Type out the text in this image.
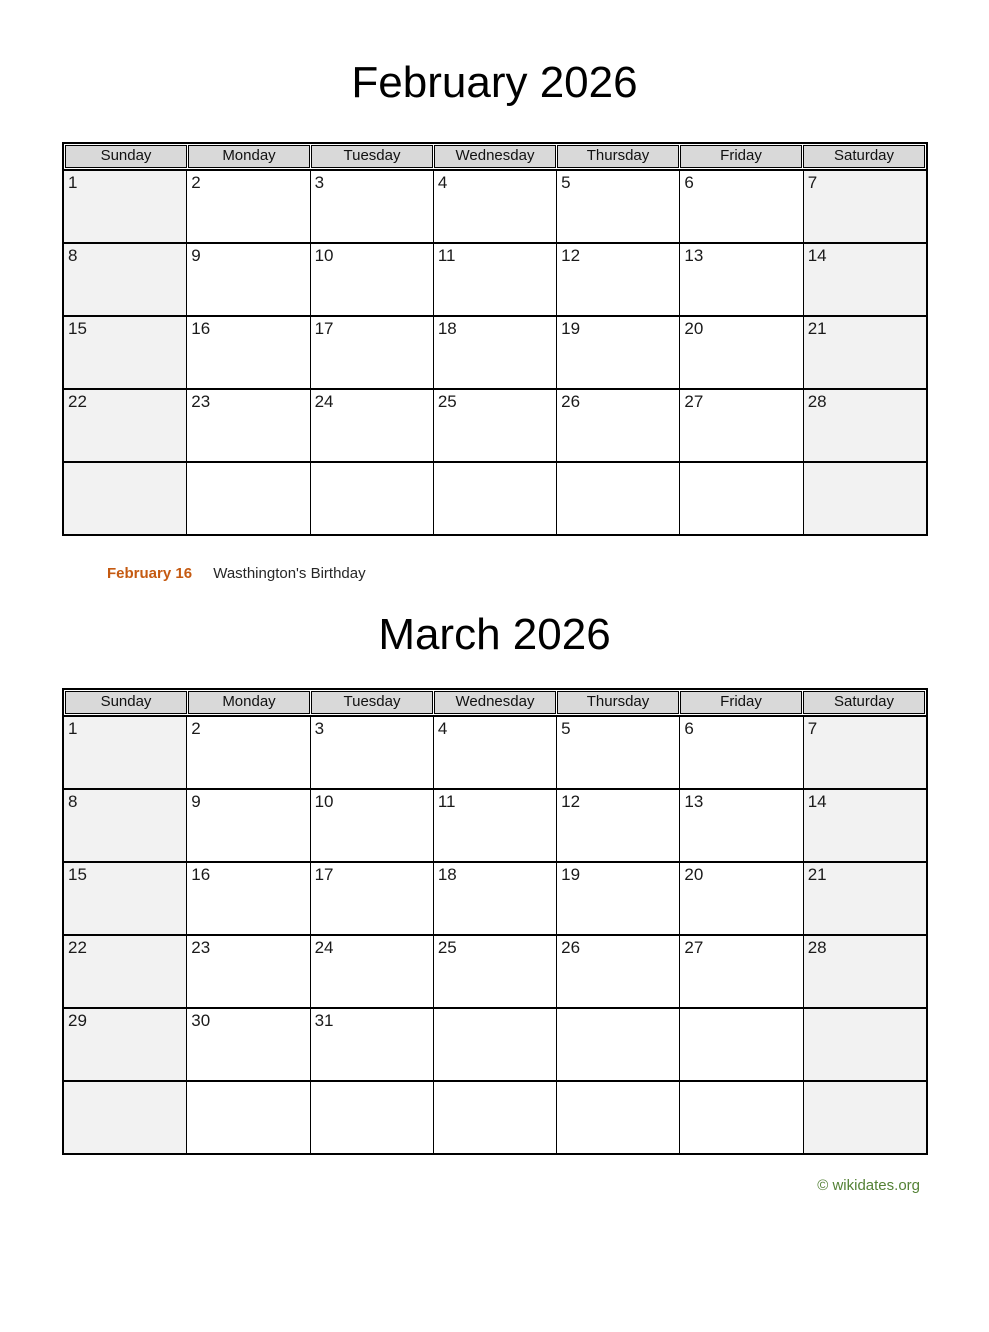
February 2026
Sunday	Monday	Tuesday	Wednesday	Thursday	Friday	Saturday
1	2	3	4	5	6	7
8	9	10	11	12	13	14
15	16	17	18	19	20	21
22	23	24	25	26	27	28
February 16 Wasthington's Birthday
March 2026
Sunday	Monday	Tuesday	Wednesday	Thursday	Friday	Saturday
1	2	3	4	5	6	7
8	9	10	11	12	13	14
15	16	17	18	19	20	21
22	23	24	25	26	27	28
29	30	31
© wikidates.org
